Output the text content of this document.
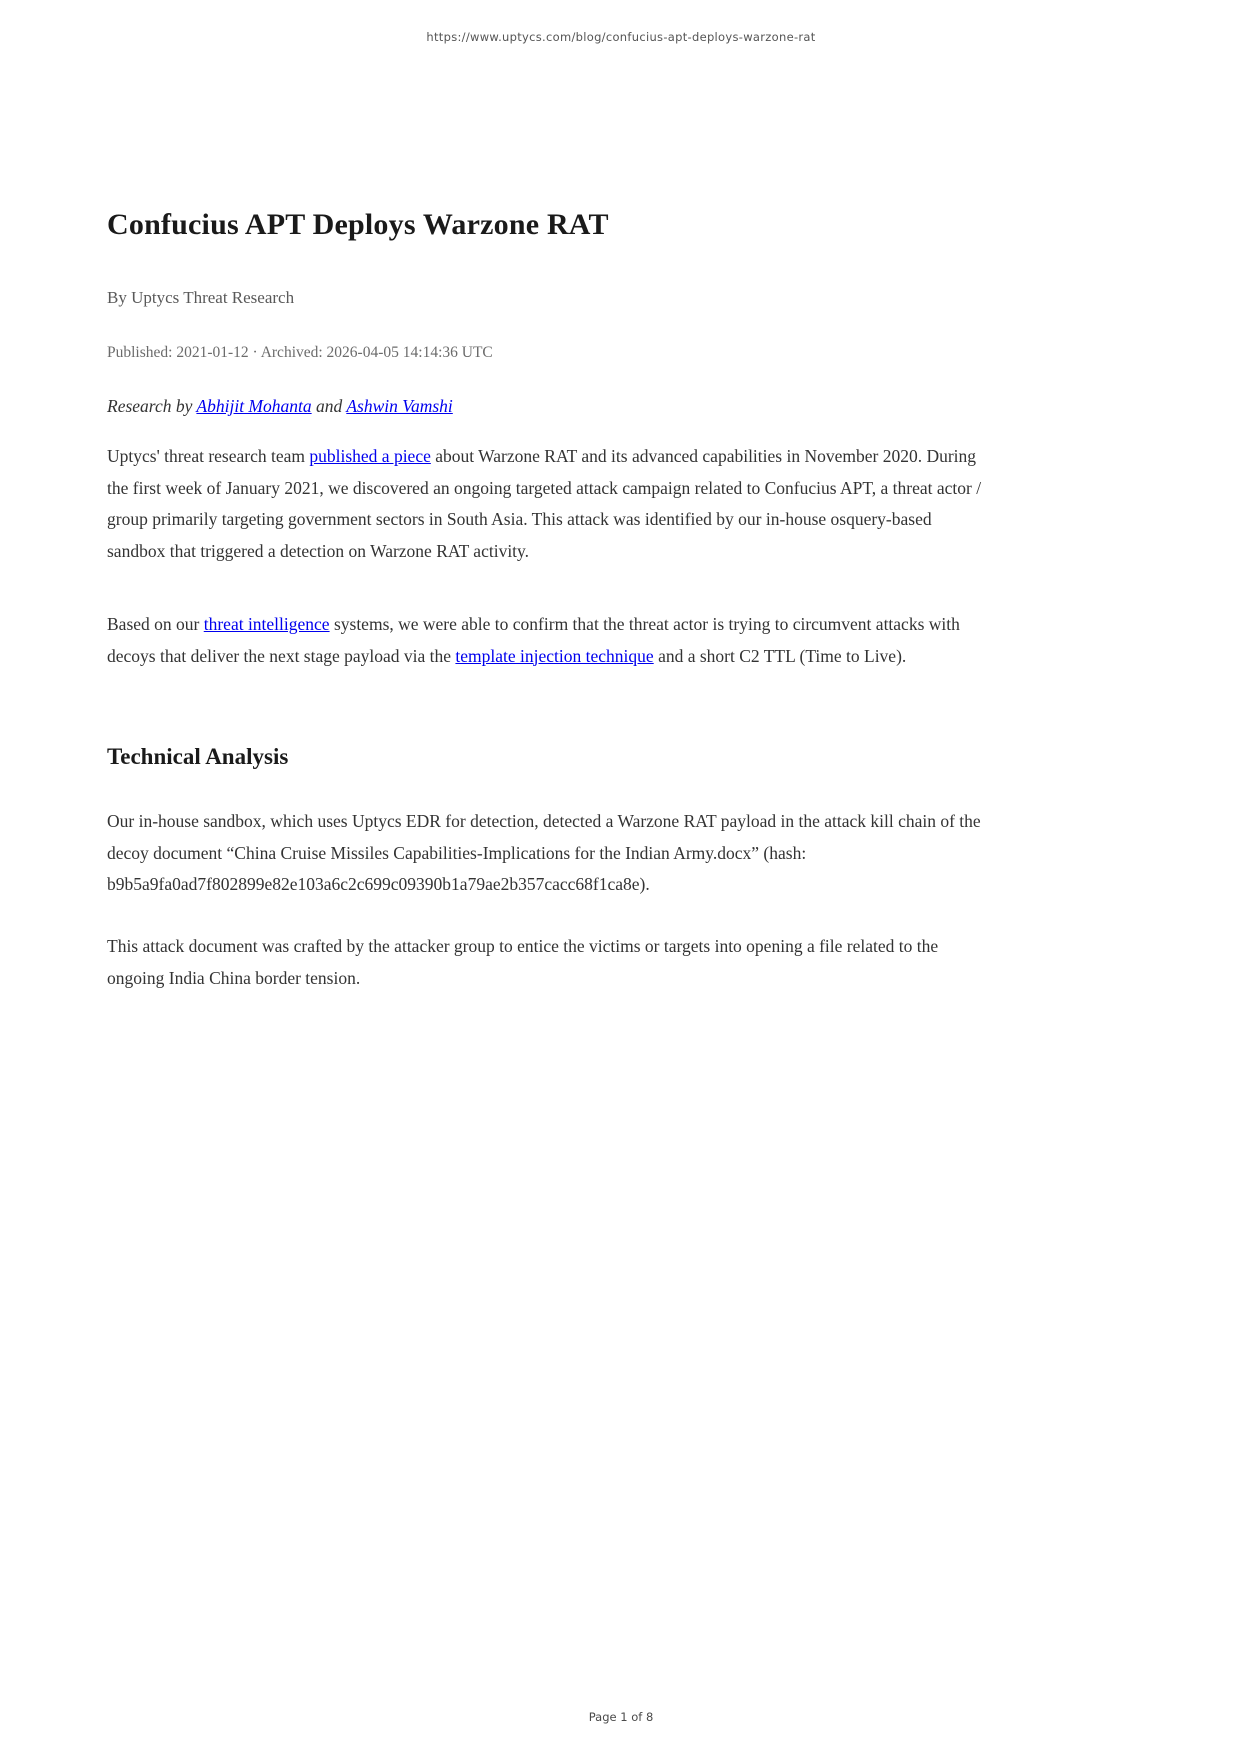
https://www.uptycs.com/blog/confucius-apt-deploys-warzone-rat
Confucius APT Deploys Warzone RAT

By Uptycs Threat Research

Published: 2021-01-12 · Archived: 2026-04-05 14:14:36 UTC

Research by Abhijit Mohanta and Ashwin Vamshi

Uptycs' threat research team published a piece about Warzone RAT and its advanced capabilities in November 2020. During the first week of January 2021, we discovered an ongoing targeted attack campaign related to Confucius APT, a threat actor / group primarily targeting government sectors in South Asia. This attack was identified by our in-house osquery-based sandbox that triggered a detection on Warzone RAT activity.

Based on our threat intelligence systems, we were able to confirm that the threat actor is trying to circumvent attacks with decoys that deliver the next stage payload via the template injection technique and a short C2 TTL (Time to Live).

Technical Analysis

Our in-house sandbox, which uses Uptycs EDR for detection, detected a Warzone RAT payload in the attack kill chain of the decoy document “China Cruise Missiles Capabilities-Implications for the Indian Army.docx” (hash: b9b5a9fa0ad7f802899e82e103a6c2c699c09390b1a79ae2b357cacc68f1ca8e).

This attack document was crafted by the attacker group to entice the victims or targets into opening a file related to the ongoing India China border tension.

Page 1 of 8
